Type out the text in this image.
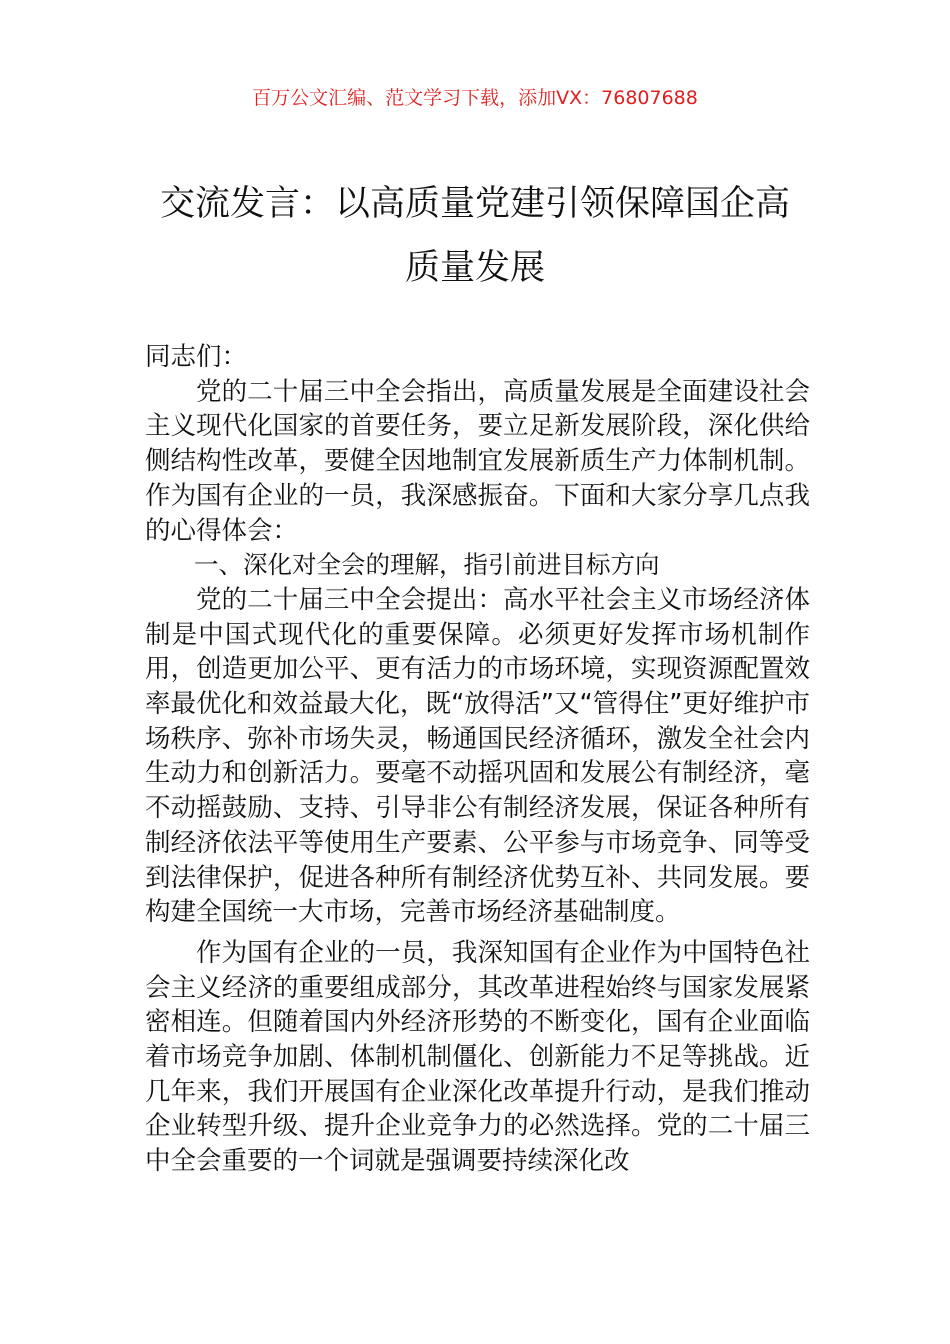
百万公文汇编、范文学习下载，添加VX：76807688
交流发言：以高质量党建引领保障国企高
质量发展

同志们：

党的二十届三中全会指出，高质量发展是全面建设社会主义现代化国家的首要任务，要立足新发展阶段，深化供给侧结构性改革，要健全因地制宜发展新质生产力体制机制。作为国有企业的一员，我深感振奋。下面和大家分享几点我的心得体会：

一、深化对全会的理解，指引前进目标方向

党的二十届三中全会提出：高水平社会主义市场经济体制是中国式现代化的重要保障。必须更好发挥市场机制作用，创造更加公平、更有活力的市场环境，实现资源配置效率最优化和效益最大化，既“放得活”又“管得住”更好维护市场秩序、弥补市场失灵，畅通国民经济循环，激发全社会内生动力和创新活力。要毫不动摇巩固和发展公有制经济，毫不动摇鼓励、支持、引导非公有制经济发展，保证各种所有制经济依法平等使用生产要素、公平参与市场竞争、同等受到法律保护，促进各种所有制经济优势互补、共同发展。要构建全国统一大市场，完善市场经济基础制度。

作为国有企业的一员，我深知国有企业作为中国特色社会主义经济的重要组成部分，其改革进程始终与国家发展紧密相连。但随着国内外经济形势的不断变化，国有企业面临着市场竞争加剧、体制机制僵化、创新能力不足等挑战。近几年来，我们开展国有企业深化改革提升行动，是我们推动企业转型升级、提升企业竞争力的必然选择。党的二十届三中全会重要的一个词就是强调要持续深化改
